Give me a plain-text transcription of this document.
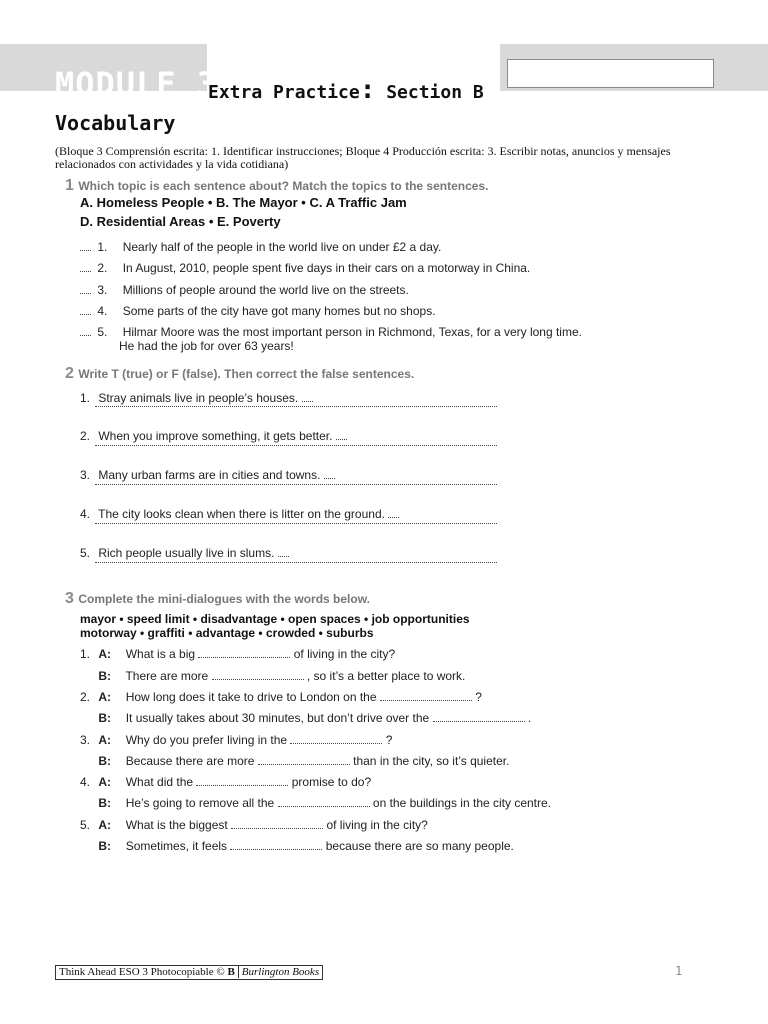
MODULE 3
Extra Practice: Section B
Vocabulary
(Bloque 3 Comprensión escrita: 1. Identificar instrucciones; Bloque 4 Producción escrita: 3. Escribir notas, anuncios y mensajes relacionados con actividades y la vida cotidiana)
1 Which topic is each sentence about? Match the topics to the sentences.
A. Homeless People • B. The Mayor • C. A Traffic Jam
D. Residential Areas • E. Poverty
1. Nearly half of the people in the world live on under £2 a day.
2. In August, 2010, people spent five days in their cars on a motorway in China.
3. Millions of people around the world live on the streets.
4. Some parts of the city have got many homes but no shops.
5. Hilmar Moore was the most important person in Richmond, Texas, for a very long time.
He had the job for over 63 years!
2 Write T (true) or F (false). Then correct the false sentences.
1. Stray animals live in people’s houses.
2. When you improve something, it gets better.
3. Many urban farms are in cities and towns.
4. The city looks clean when there is litter on the ground.
5. Rich people usually live in slums.
3 Complete the mini-dialogues with the words below.
mayor • speed limit • disadvantage • open spaces • job opportunities
motorway • graffiti • advantage • crowded • suburbs
1. A: What is a big	of living in the city?
B: There are more	, so it’s a better place to work.
2. A: How long does it take to drive to London on the	?
B: It usually takes about 30 minutes, but don’t drive over the	.
3. A: Why do you prefer living in the	?
B: Because there are more	than in the city, so it’s quieter.
4. A: What did the	promise to do?
B: He’s going to remove all the	on the buildings in the city centre.
5. A: What is the biggest	of living in the city?
B: Sometimes, it feels	because there are so many people.
Think Ahead ESO 3 Photocopiable © B Burlington Books	1
